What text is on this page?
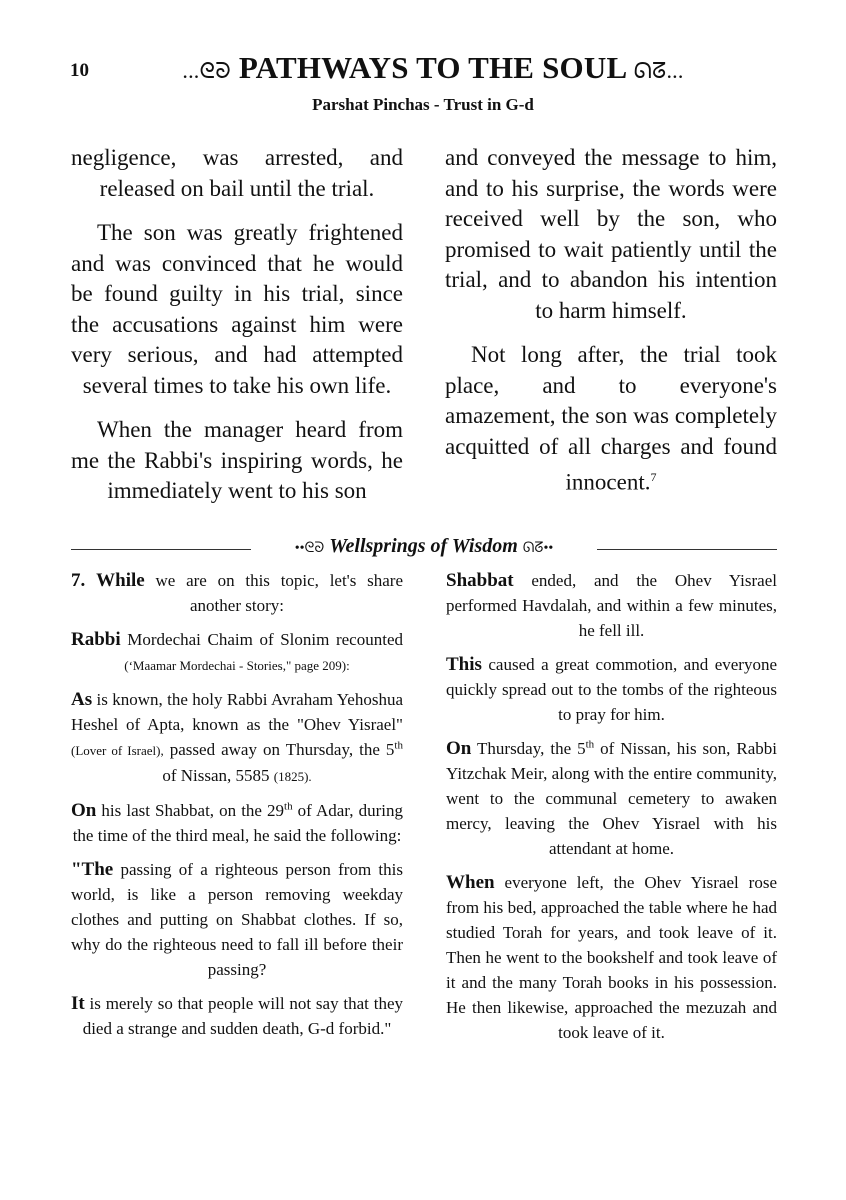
10	...ᘓᘐ PATHWAYS TO THE SOUL ᘏᘔ...
Parshat Pinchas - Trust in G-d

negligence, was arrested, and released on bail until the trial.

The son was greatly frightened and was convinced that he would be found guilty in his trial, since the accusations against him were very serious, and had attempted several times to take his own life.

When the manager heard from me the Rabbi's inspiring words, he immediately went to his son

and conveyed the message to him, and to his surprise, the words were received well by the son, who promised to wait patiently until the trial, and to abandon his intention to harm himself.

Not long after, the trial took place, and to everyone's amazement, the son was completely acquitted of all charges and found innocent.$^7$

••ᘓᘐ Wellsprings of Wisdom ᘏᘔ••

7. While we are on this topic, let's share another story:

Rabbi Mordechai Chaim of Slonim recounted (‘Maamar Mordechai - Stories," page 209):

As is known, the holy Rabbi Avraham Yehoshua Heshel of Apta, known as the "Ohev Yisrael" (Lover of Israel), passed away on Thursday, the 5th of Nissan, 5585 (1825).

On his last Shabbat, on the 29th of Adar, during the time of the third meal, he said the following:

"The passing of a righteous person from this world, is like a person removing weekday clothes and putting on Shabbat clothes. If so, why do the righteous need to fall ill before their passing?

It is merely so that people will not say that they died a strange and sudden death, G-d forbid."

Shabbat ended, and the Ohev Yisrael performed Havdalah, and within a few minutes, he fell ill.

This caused a great commotion, and everyone quickly spread out to the tombs of the righteous to pray for him.

On Thursday, the 5th of Nissan, his son, Rabbi Yitzchak Meir, along with the entire community, went to the communal cemetery to awaken mercy, leaving the Ohev Yisrael with his attendant at home.

When everyone left, the Ohev Yisrael rose from his bed, approached the table where he had studied Torah for years, and took leave of it. Then he went to the bookshelf and took leave of it and the many Torah books in his possession. He then likewise, approached the mezuzah and took leave of it.
